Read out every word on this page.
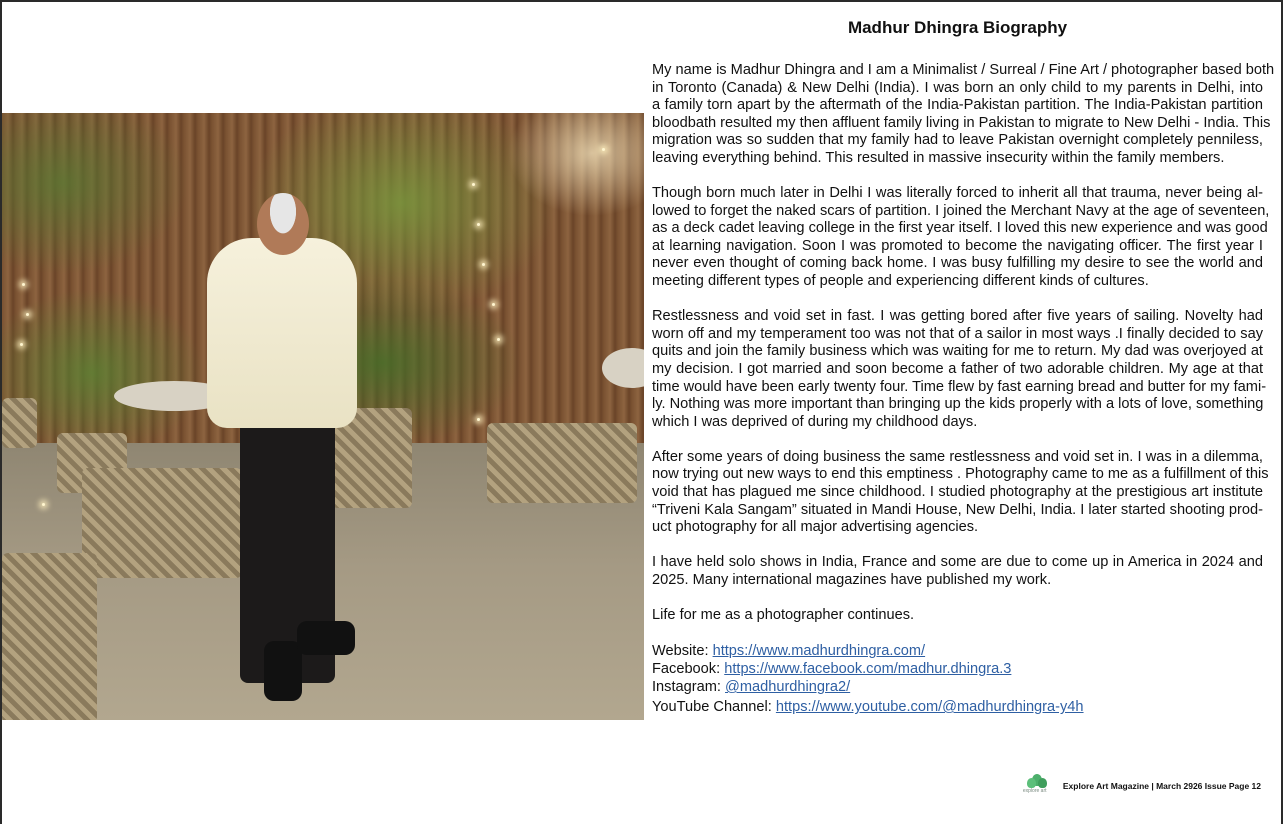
Madhur Dhingra Biography

My name is Madhur Dhingra and I am a Minimalist / Surreal / Fine Art / photographer based both
in Toronto (Canada) & New Delhi (India). I was born an only child to my parents in Delhi, into
a family torn apart by the aftermath of the India-Pakistan partition. The India-Pakistan partition
bloodbath resulted my then affluent family living in Pakistan to migrate to New Delhi - India. This
migration was so sudden that my family had to leave Pakistan overnight completely penniless,
leaving everything behind. This resulted in massive insecurity within the family members.

Though born much later in Delhi I was literally forced to inherit all that trauma, never being al-
lowed to forget the naked scars of partition. I joined the Merchant Navy at the age of seventeen,
as a deck cadet leaving college in the first year itself. I loved this new experience and was good
at learning navigation. Soon I was promoted to become the navigating officer. The first year I
never even thought of coming back home. I was busy fulfilling my desire to see the world and
meeting different types of people and experiencing different kinds of cultures.

Restlessness and void set in fast. I was getting bored after five years of sailing. Novelty had
worn off and my temperament too was not that of a sailor in most ways .I finally decided to say
quits and join the family business which was waiting for me to return. My dad was overjoyed at
my decision. I got married and soon become a father of two adorable children. My age at that
time would have been early twenty four. Time flew by fast earning bread and butter for my fami-
ly. Nothing was more important than bringing up the kids properly with a lots of love, something
which I was deprived of during my childhood days.

After some years of doing business the same restlessness and void set in. I was in a dilemma,
now trying out new ways to end this emptiness . Photography came to me as a fulfillment of this
void that has plagued me since childhood. I studied photography at the prestigious art institute
“Triveni Kala Sangam” situated in Mandi House, New Delhi, India. I later started shooting prod-
uct photography for all major advertising agencies.

I have held solo shows in India, France and some are due to come up in America in 2024 and
2025. Many international magazines have published my work.

Life for me as a photographer continues.

Website: https://www.madhurdhingra.com/
Facebook: https://www.facebook.com/madhur.dhingra.3
Instagram: @madhurdhingra2/
YouTube Channel: https://www.youtube.com/@madhurdhingra-y4h
explore art Explore Art Magazine | March 2926 Issue Page 12
